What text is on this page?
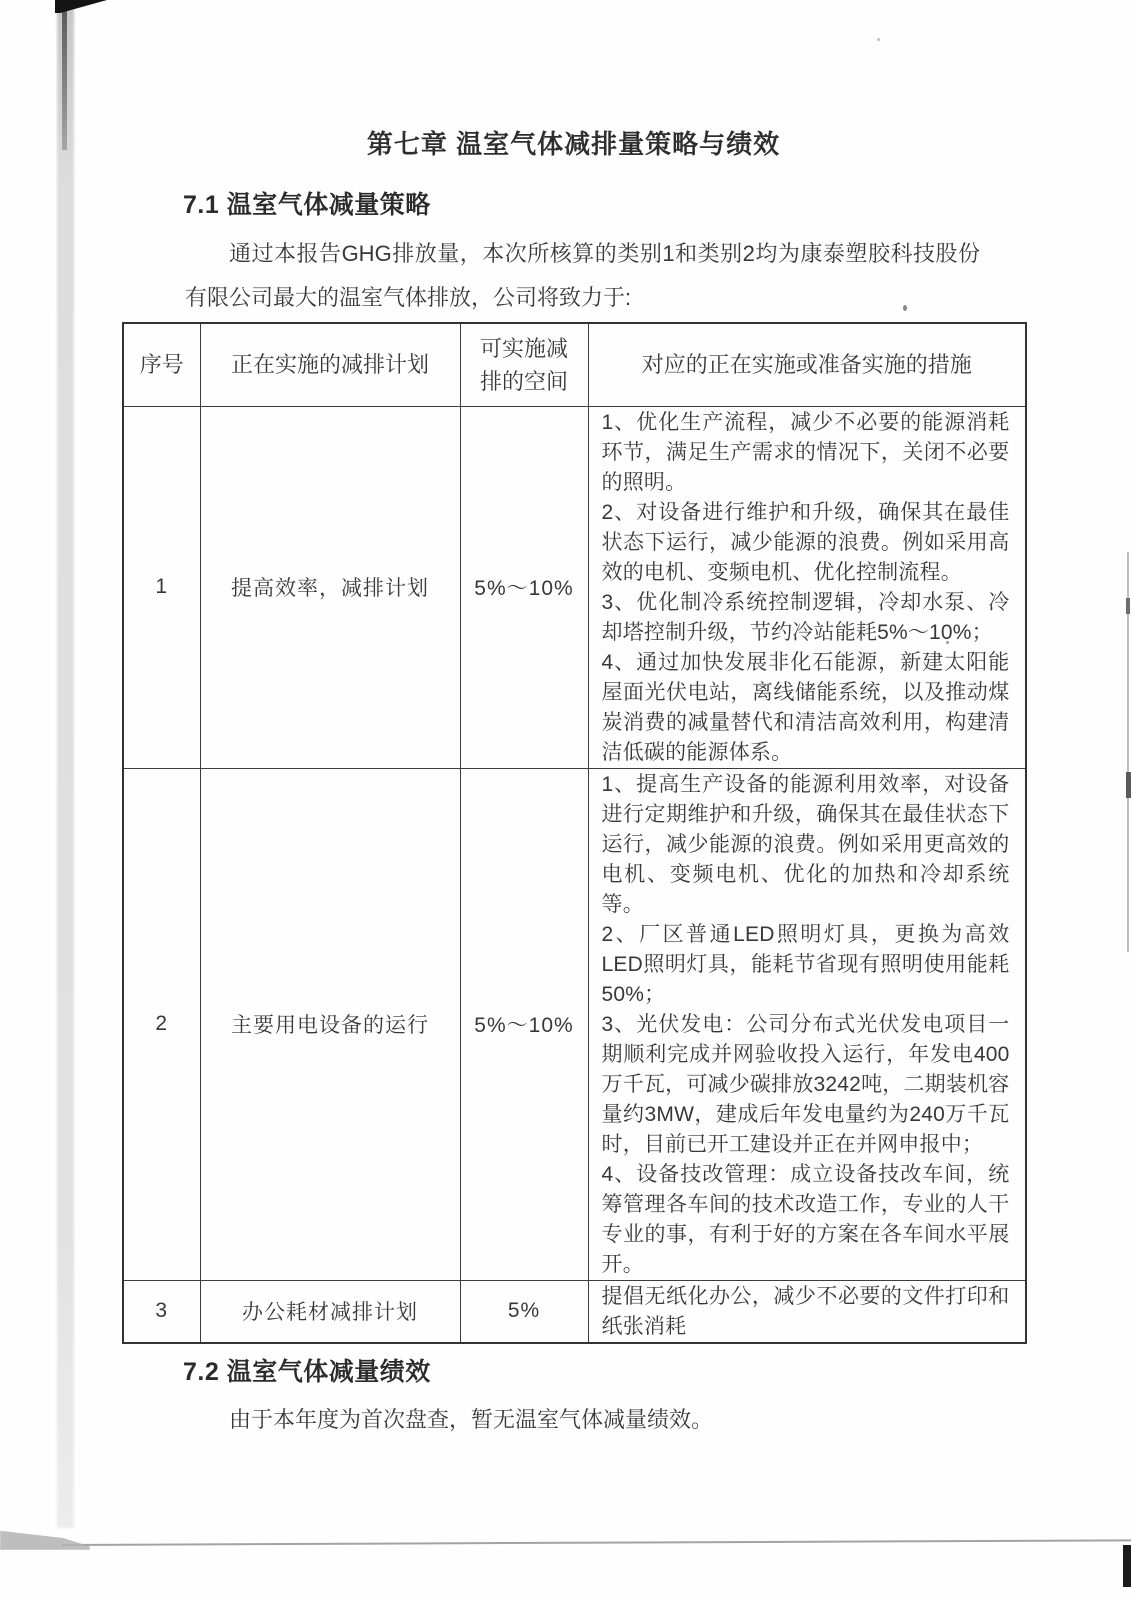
第七章 温室气体减排量策略与绩效
7.1 温室气体减量策略

通过本报告GHG排放量，本次所核算的类别1和类别2均为康泰塑胶科技股份有限公司最大的温室气体排放，公司将致力于:

序号	正在实施的减排计划	可实施减排的空间	对应的正在实施或准备实施的措施
1	提高效率，减排计划	5%～10%	1、优化生产流程，减少不必要的能源消耗环节，满足生产需求的情况下，关闭不必要的照明。

2、对设备进行维护和升级，确保其在最佳状态下运行，减少能源的浪费。例如采用高效的电机、变频电机、优化控制流程。

3、优化制冷系统控制逻辑，冷却水泵、冷却塔控制升级，节约冷站能耗5%～10%；

4、通过加快发展非化石能源，新建太阳能屋面光伏电站，离线储能系统，以及推动煤炭消费的减量替代和清洁高效利用，构建清洁低碳的能源体系。

2	主要用电设备的运行	5%～10%	1、提高生产设备的能源利用效率，对设备进行定期维护和升级，确保其在最佳状态下运行，减少能源的浪费。例如采用更高效的电机、变频电机、优化的加热和冷却系统等。

2、厂区普通LED照明灯具，更换为高效LED照明灯具，能耗节省现有照明使用能耗50%；

3、光伏发电：公司分布式光伏发电项目一期顺利完成并网验收投入运行，年发电400万千瓦，可减少碳排放3242吨，二期装机容量约3MW，建成后年发电量约为240万千瓦时，目前已开工建设并正在并网申报中；

4、设备技改管理：成立设备技改车间，统筹管理各车间的技术改造工作，专业的人干专业的事，有利于好的方案在各车间水平展开。

3	办公耗材减排计划	5%	提倡无纸化办公，减少不必要的文件打印和纸张消耗

7.2 温室气体减量绩效

由于本年度为首次盘查，暂无温室气体减量绩效。
